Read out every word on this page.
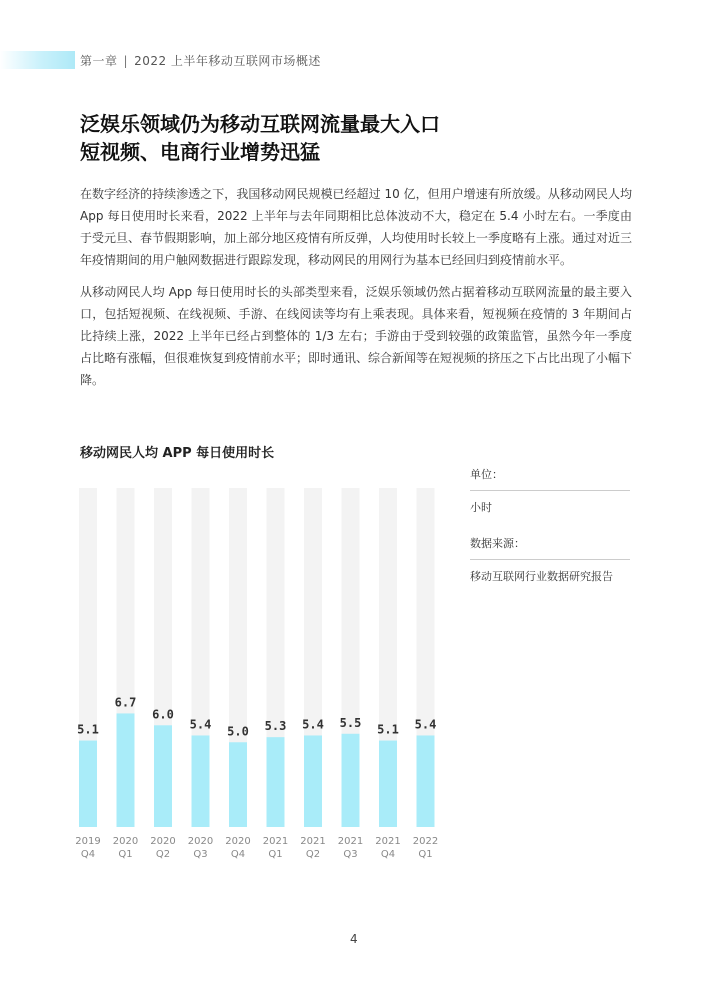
第一章 | 2022 上半年移动互联网市场概述
泛娱乐领域仍为移动互联网流量最大入口
短视频、电商行业增势迅猛

在数字经济的持续渗透之下，我国移动网民规模已经超过 10 亿，但用户增速有所放缓。从移动网民人均 App 每日使用时长来看，2022 上半年与去年同期相比总体波动不大，稳定在 5.4 小时左右。一季度由于受元旦、春节假期影响，加上部分地区疫情有所反弹，人均使用时长较上一季度略有上涨。通过对近三年疫情期间的用户触网数据进行跟踪发现，移动网民的用网行为基本已经回归到疫情前水平。

从移动网民人均 App 每日使用时长的头部类型来看，泛娱乐领域仍然占据着移动互联网流量的最主要入口，包括短视频、在线视频、手游、在线阅读等均有上乘表现。具体来看，短视频在疫情的 3 年期间占比持续上涨，2022 上半年已经占到整体的 1/3 左右；手游由于受到较强的政策监管，虽然今年一季度占比略有涨幅，但很难恢复到疫情前水平；即时通讯、综合新闻等在短视频的挤压之下占比出现了小幅下降。

移动网民人均 APP 每日使用时长
5.1
2019
Q4
6.7
2020
Q1
6.0
2020
Q2
5.4
2020
Q3
5.0
2020
Q4
5.3
2021
Q1
5.4
2021
Q2
5.5
2021
Q3
5.1
2021
Q4
5.4
2022
Q1
单位：
小时
数据来源：
移动互联网行业数据研究报告
4
